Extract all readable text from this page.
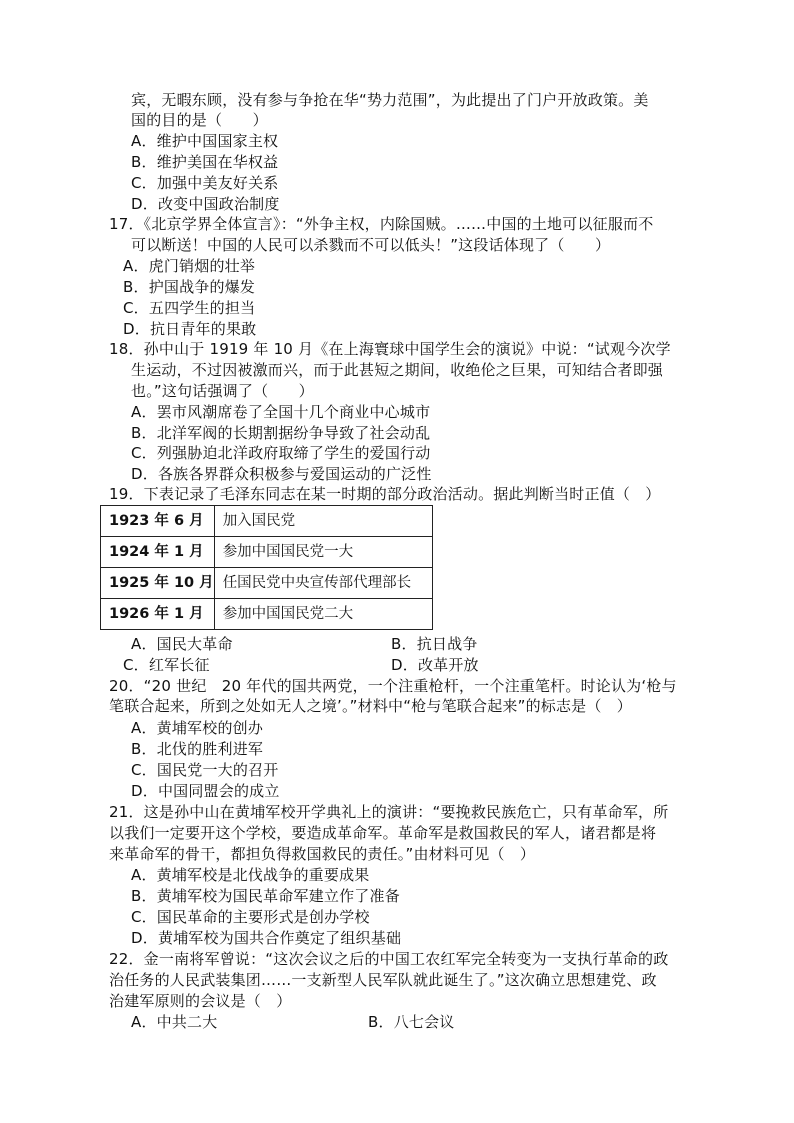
宾，无暇东顾，没有参与争抢在华“势力范围”，为此提出了门户开放政策。美
国的目的是（　　）
A．维护中国国家主权
B．维护美国在华权益
C．加强中美友好关系
D．改变中国政治制度
17．《北京学界全体宣言》：“外争主权，内除国贼。……中国的土地可以征服而不
可以断送！中国的人民可以杀戮而不可以低头！”这段话体现了（　　）
A．虎门销烟的壮举
B．护国战争的爆发
C．五四学生的担当
D．抗日青年的果敢
18．孙中山于 1919 年 10 月《在上海寰球中国学生会的演说》中说：“试观今次学
生运动，不过因被激而兴，而于此甚短之期间，收绝伦之巨果，可知结合者即强
也。”这句话强调了（　　）
A．罢市风潮席卷了全国十几个商业中心城市
B．北洋军阀的长期割据纷争导致了社会动乱
C．列强胁迫北洋政府取缔了学生的爱国行动
D．各族各界群众积极参与爱国运动的广泛性
19．下表记录了毛泽东同志在某一时期的部分政治活动。据此判断当时正值（　）
1923 年 6 月	加入国民党
1924 年 1 月	参加中国国民党一大
1925 年 10 月	任国民党中央宣传部代理部长
1926 年 1 月	参加中国国民党二大
A．国民大革命	B．抗日战争
C．红军长征	D．改革开放
20．“20 世纪　20 年代的国共两党，一个注重枪杆，一个注重笔杆。时论认为‘枪与
笔联合起来，所到之处如无人之境’。”材料中“枪与笔联合起来”的标志是（　）
A．黄埔军校的创办
B．北伐的胜利进军
C．国民党一大的召开
D．中国同盟会的成立
21．这是孙中山在黄埔军校开学典礼上的演讲：“要挽救民族危亡，只有革命军，所
以我们一定要开这个学校，要造成革命军。革命军是救国救民的军人，诸君都是将
来革命军的骨干，都担负得救国救民的责任。”由材料可见（　）
A．黄埔军校是北伐战争的重要成果
B．黄埔军校为国民革命军建立作了准备
C．国民革命的主要形式是创办学校
D．黄埔军校为国共合作奠定了组织基础
22．金一南将军曾说：“这次会议之后的中国工农红军完全转变为一支执行革命的政
治任务的人民武装集团……一支新型人民军队就此诞生了。”这次确立思想建党、政
治建军原则的会议是（　）
A．中共二大	B．八七会议
